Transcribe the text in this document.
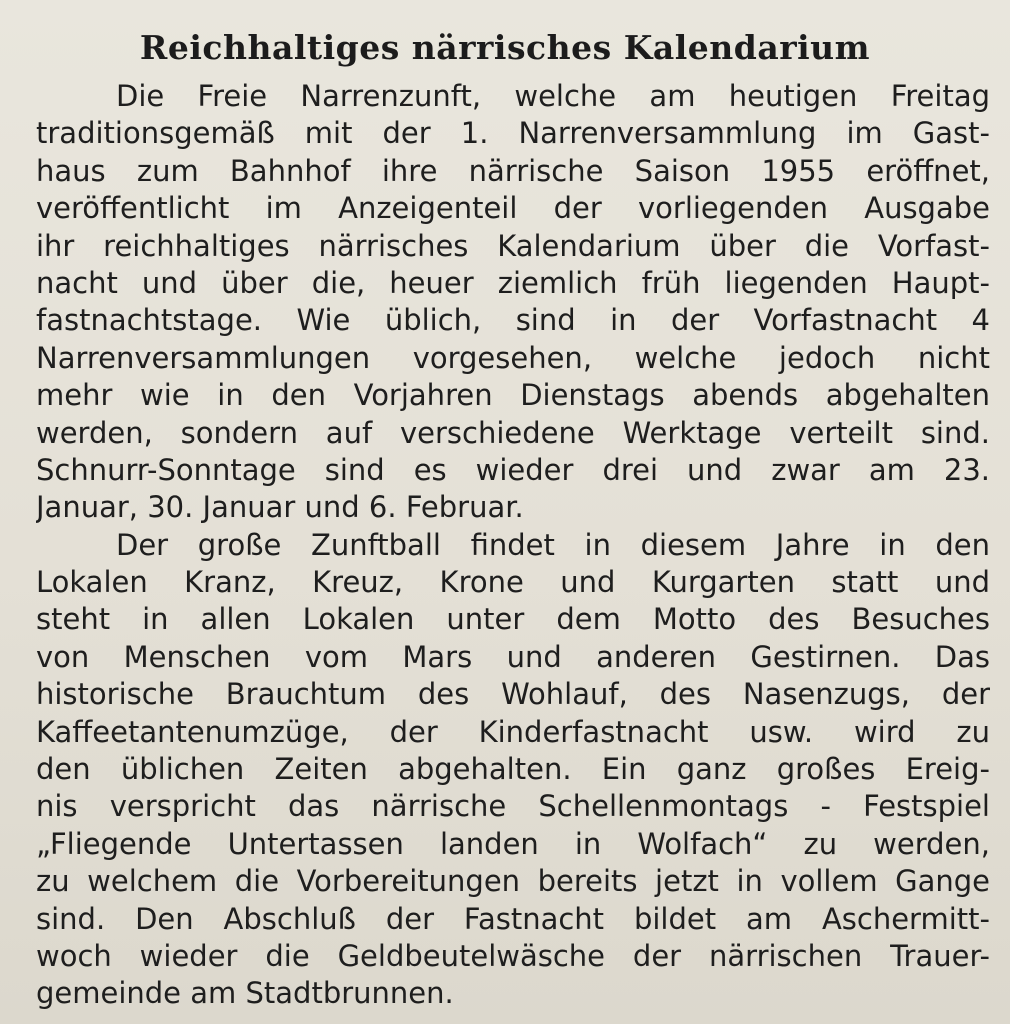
Reichhaltiges närrisches Kalendarium
Die Freie Narrenzunft, welche am heutigen Freitag
traditionsgemäß mit der 1. Narrenversammlung im Gast-
haus zum Bahnhof ihre närrische Saison 1955 eröffnet,
veröffentlicht im Anzeigenteil der vorliegenden Ausgabe
ihr reichhaltiges närrisches Kalendarium über die Vorfast-
nacht und über die, heuer ziemlich früh liegenden Haupt-
fastnachtstage. Wie üblich, sind in der Vorfastnacht 4
Narrenversammlungen vorgesehen, welche jedoch nicht
mehr wie in den Vorjahren Dienstags abends abgehalten
werden, sondern auf verschiedene Werktage verteilt sind.
Schnurr-Sonntage sind es wieder drei und zwar am 23.
Januar, 30. Januar und 6. Februar.
Der große Zunftball findet in diesem Jahre in den
Lokalen Kranz, Kreuz, Krone und Kurgarten statt und
steht in allen Lokalen unter dem Motto des Besuches
von Menschen vom Mars und anderen Gestirnen. Das
historische Brauchtum des Wohlauf, des Nasenzugs, der
Kaffeetantenumzüge, der Kinderfastnacht usw. wird zu
den üblichen Zeiten abgehalten. Ein ganz großes Ereig-
nis verspricht das närrische Schellenmontags - Festspiel
„Fliegende Untertassen landen in Wolfach“ zu werden,
zu welchem die Vorbereitungen bereits jetzt in vollem Gange
sind. Den Abschluß der Fastnacht bildet am Aschermitt-
woch wieder die Geldbeutelwäsche der närrischen Trauer-
gemeinde am Stadtbrunnen.
